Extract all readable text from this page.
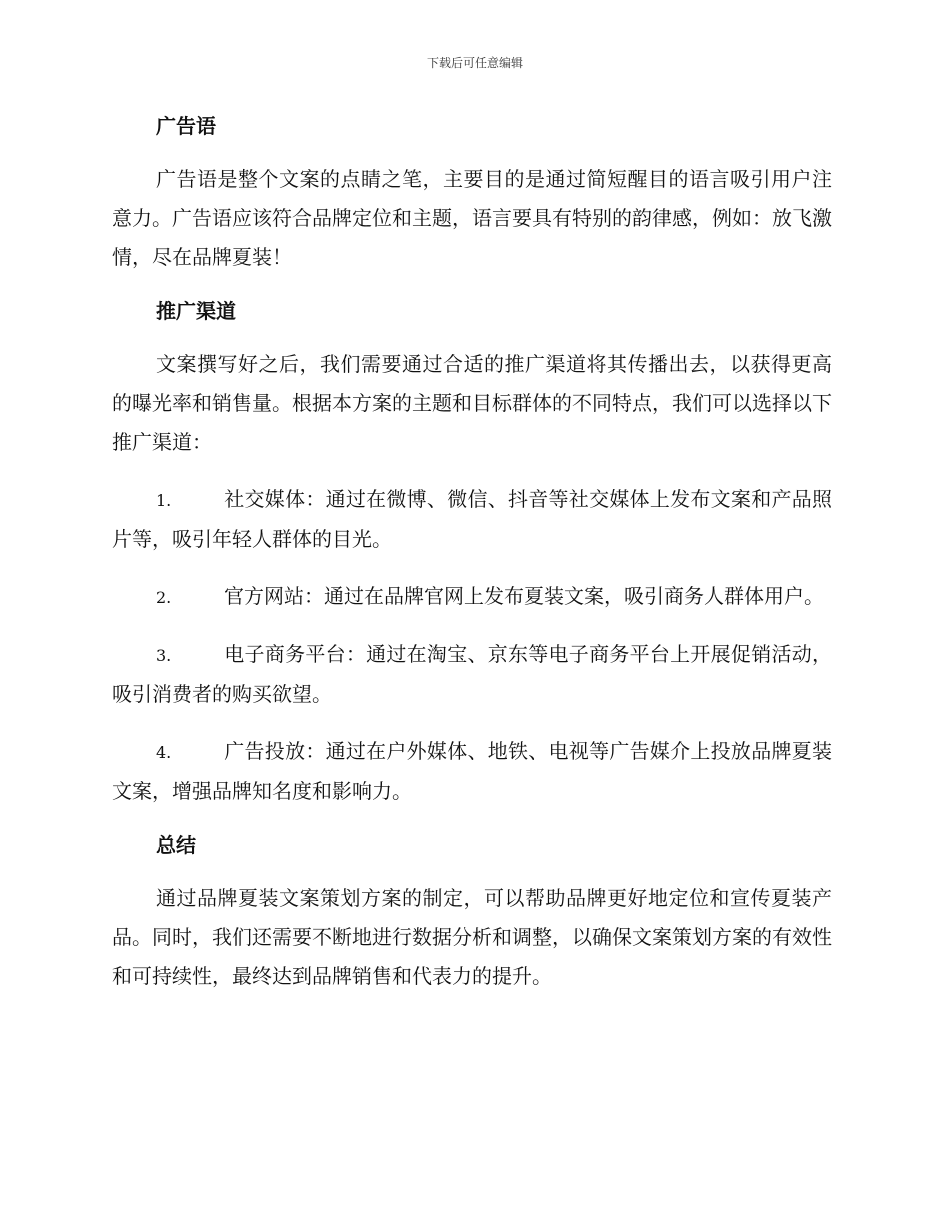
下载后可任意编辑
广告语

广告语是整个文案的点睛之笔，主要目的是通过简短醒目的语言吸引用户注意力。广告语应该符合品牌定位和主题，语言要具有特别的韵律感，例如：放飞激情，尽在品牌夏装！

推广渠道

文案撰写好之后，我们需要通过合适的推广渠道将其传播出去，以获得更高的曝光率和销售量。根据本方案的主题和目标群体的不同特点，我们可以选择以下推广渠道：

1.	社交媒体：通过在微博、微信、抖音等社交媒体上发布文案和产品照片等，吸引年轻人群体的目光。

2.	官方网站：通过在品牌官网上发布夏装文案，吸引商务人群体用户。

3.	电子商务平台：通过在淘宝、京东等电子商务平台上开展促销活动，吸引消费者的购买欲望。

4.	广告投放：通过在户外媒体、地铁、电视等广告媒介上投放品牌夏装文案，增强品牌知名度和影响力。

总结

通过品牌夏装文案策划方案的制定，可以帮助品牌更好地定位和宣传夏装产品。同时，我们还需要不断地进行数据分析和调整，以确保文案策划方案的有效性和可持续性，最终达到品牌销售和代表力的提升。
